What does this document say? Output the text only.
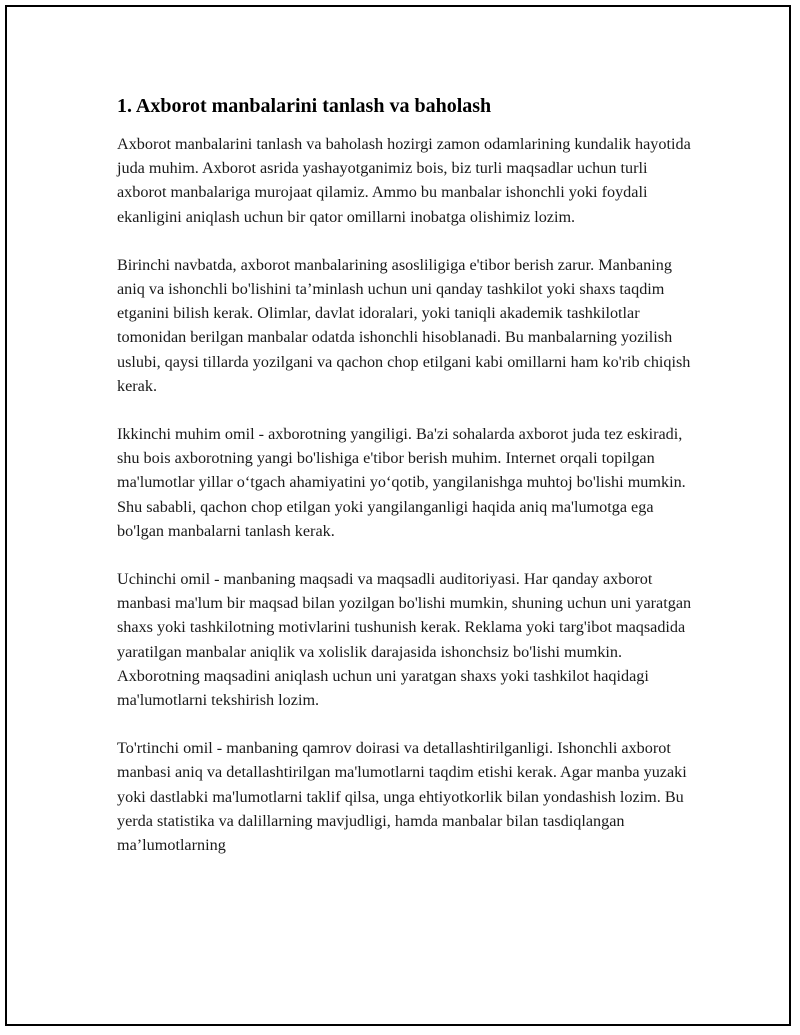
1. Axborot manbalarini tanlash va baholash

Axborot manbalarini tanlash va baholash hozirgi zamon odamlarining kundalik hayotida juda muhim. Axborot asrida yashayotganimiz bois, biz turli maqsadlar uchun turli axborot manbalariga murojaat qilamiz. Ammo bu manbalar ishonchli yoki foydali ekanligini aniqlash uchun bir qator omillarni inobatga olishimiz lozim.

Birinchi navbatda, axborot manbalarining asosliligiga e'tibor berish zarur. Manbaning aniq va ishonchli bo'lishini ta’minlash uchun uni qanday tashkilot yoki shaxs taqdim etganini bilish kerak. Olimlar, davlat idoralari, yoki taniqli akademik tashkilotlar tomonidan berilgan manbalar odatda ishonchli hisoblanadi. Bu manbalarning yozilish uslubi, qaysi tillarda yozilgani va qachon chop etilgani kabi omillarni ham ko'rib chiqish kerak.

Ikkinchi muhim omil - axborotning yangiligi. Ba'zi sohalarda axborot juda tez eskiradi, shu bois axborotning yangi bo'lishiga e'tibor berish muhim. Internet orqali topilgan ma'lumotlar yillar o‘tgach ahamiyatini yo‘qotib, yangilanishga muhtoj bo'lishi mumkin. Shu sababli, qachon chop etilgan yoki yangilanganligi haqida aniq ma'lumotga ega bo'lgan manbalarni tanlash kerak.

Uchinchi omil - manbaning maqsadi va maqsadli auditoriyasi. Har qanday axborot manbasi ma'lum bir maqsad bilan yozilgan bo'lishi mumkin, shuning uchun uni yaratgan shaxs yoki tashkilotning motivlarini tushunish kerak. Reklama yoki targ'ibot maqsadida yaratilgan manbalar aniqlik va xolislik darajasida ishonchsiz bo'lishi mumkin. Axborotning maqsadini aniqlash uchun uni yaratgan shaxs yoki tashkilot haqidagi ma'lumotlarni tekshirish lozim.

To'rtinchi omil - manbaning qamrov doirasi va detallashtirilganligi. Ishonchli axborot manbasi aniq va detallashtirilgan ma'lumotlarni taqdim etishi kerak. Agar manba yuzaki yoki dastlabki ma'lumotlarni taklif qilsa, unga ehtiyotkorlik bilan yondashish lozim. Bu yerda statistika va dalillarning mavjudligi, hamda manbalar bilan tasdiqlangan ma’lumotlarning
